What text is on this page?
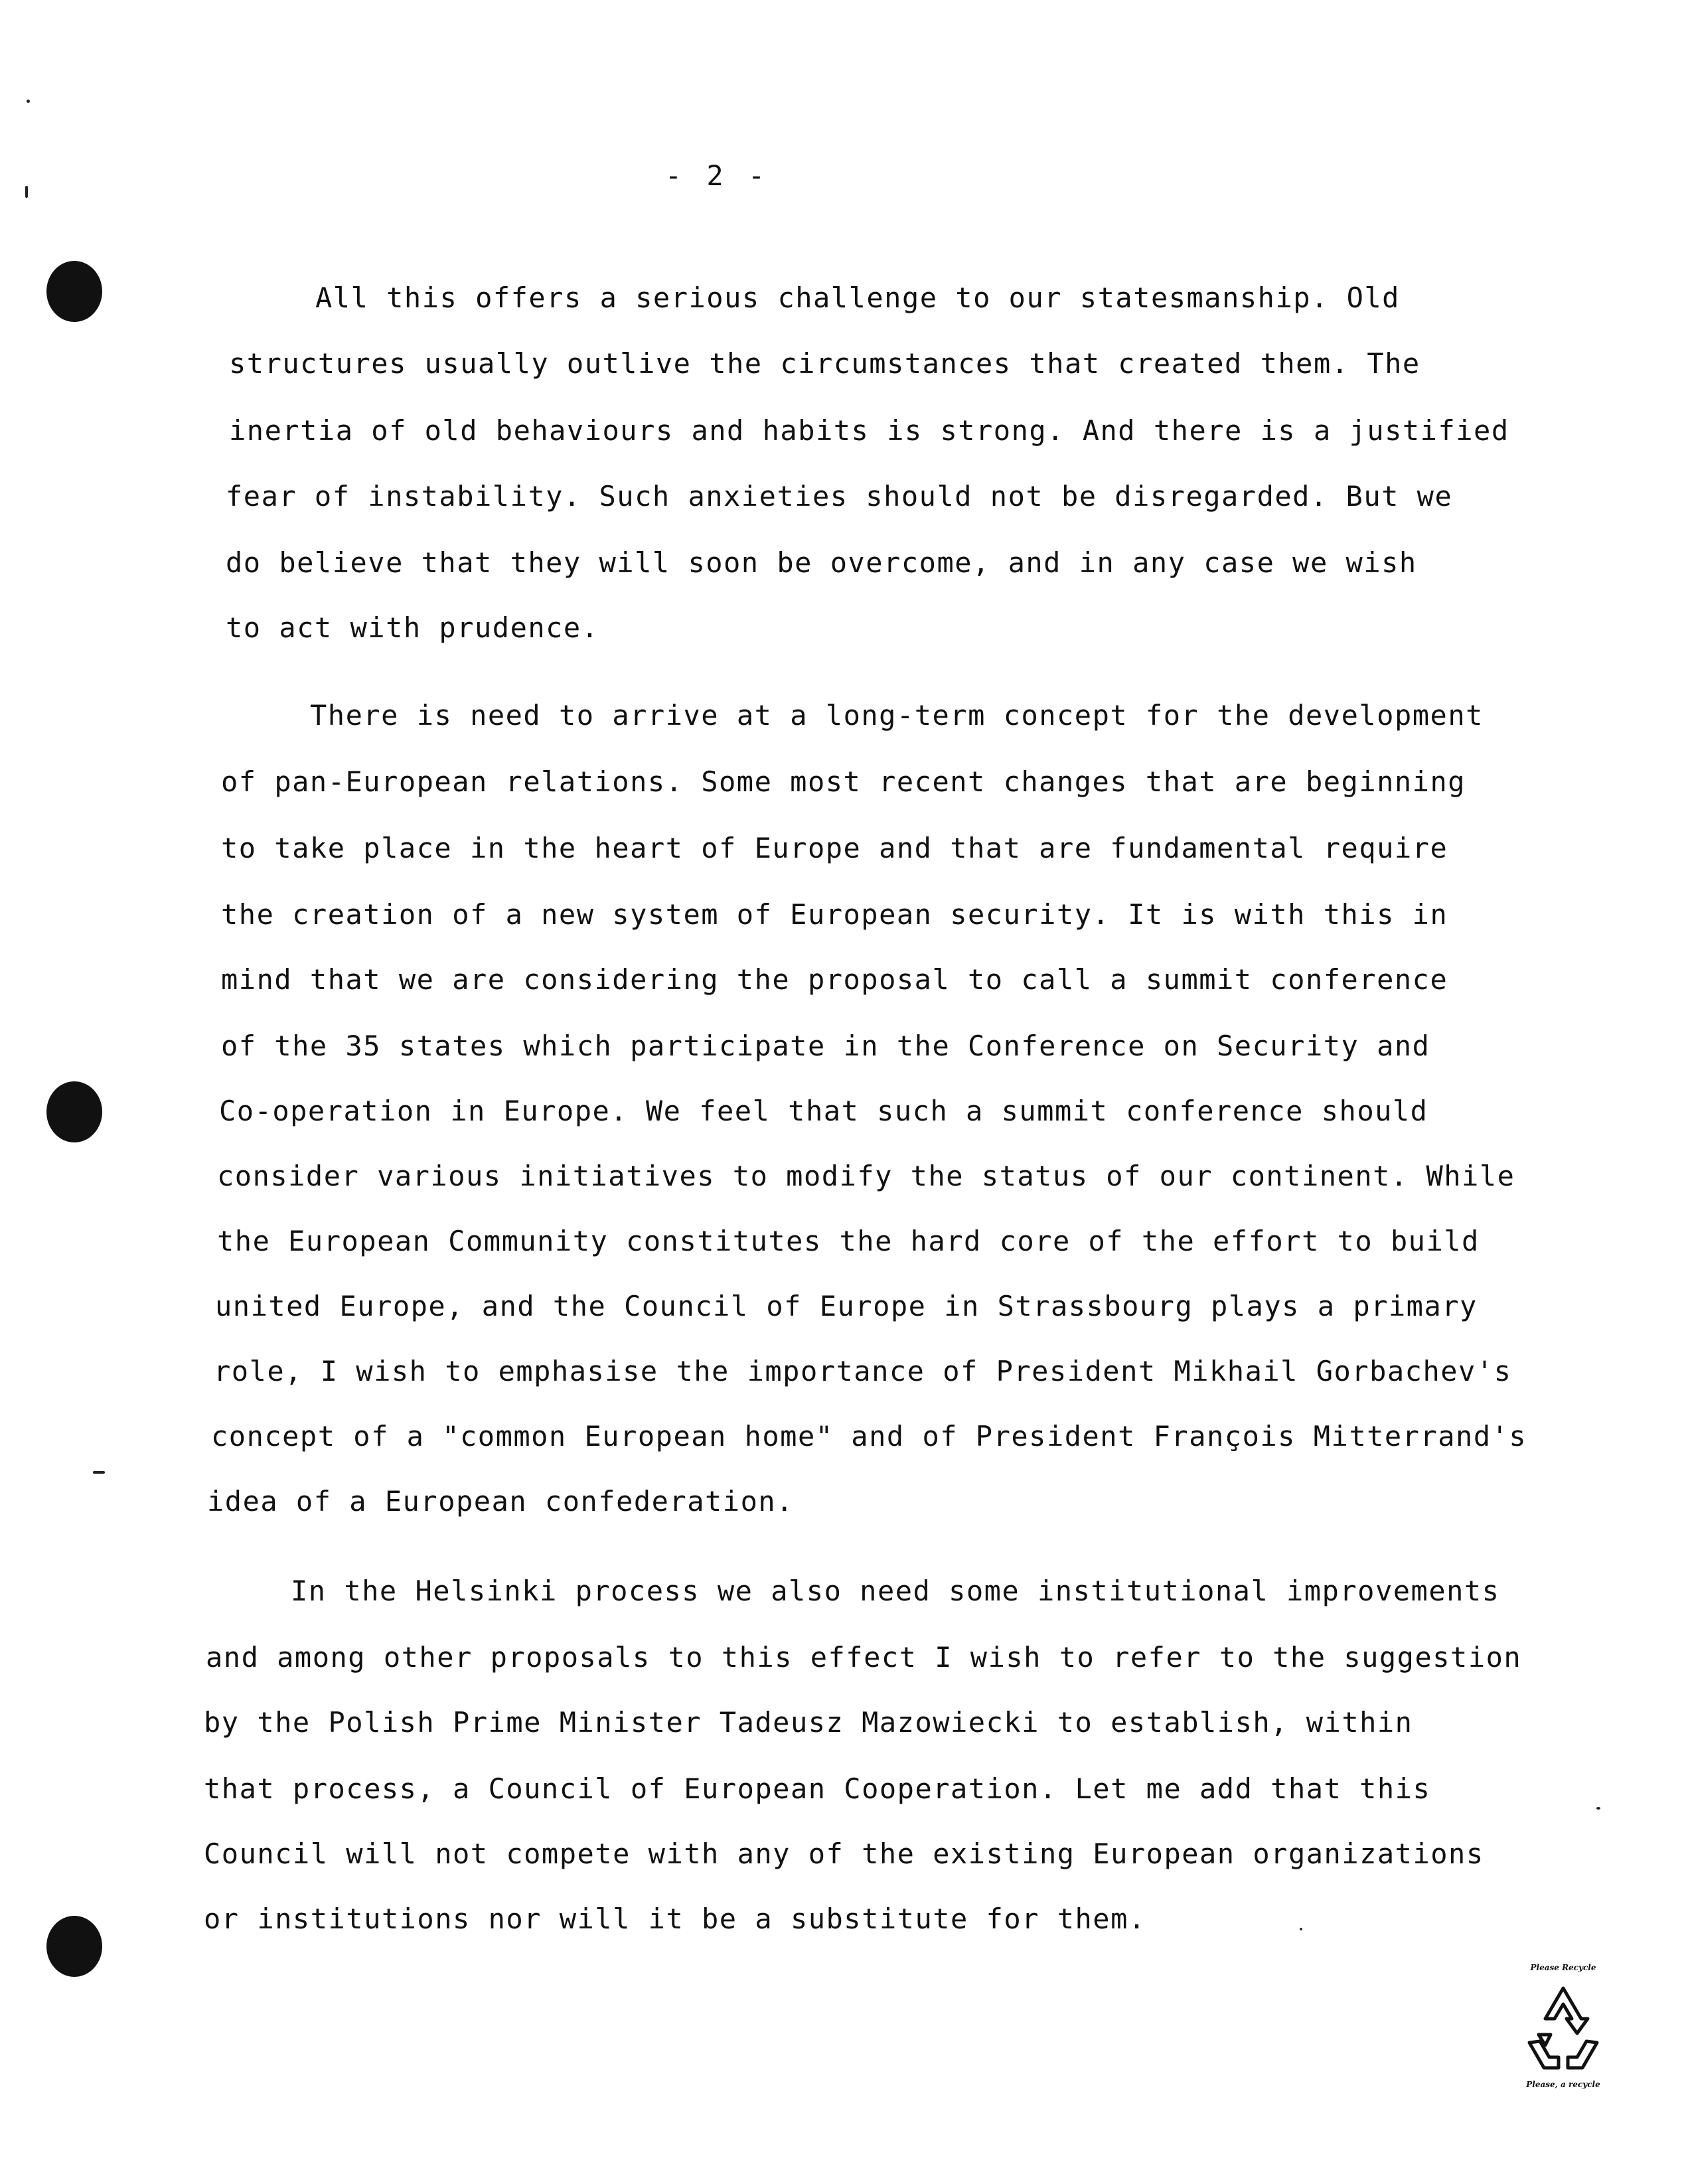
- 2 -
All this offers a serious challenge to our statesmanship. Old
structures usually outlive the circumstances that created them. The
inertia of old behaviours and habits is strong. And there is a justified
fear of instability. Such anxieties should not be disregarded. But we
do believe that they will soon be overcome, and in any case we wish
to act with prudence.
There is need to arrive at a long-term concept for the development
of pan-European relations. Some most recent changes that are beginning
to take place in the heart of Europe and that are fundamental require
the creation of a new system of European security. It is with this in
mind that we are considering the proposal to call a summit conference
of the 35 states which participate in the Conference on Security and
Co-operation in Europe. We feel that such a summit conference should
consider various initiatives to modify the status of our continent. While
the European Community constitutes the hard core of the effort to build
united Europe, and the Council of Europe in Strassbourg plays a primary
role, I wish to emphasise the importance of President Mikhail Gorbachev's
concept of a "common European home" and of President François Mitterrand's
idea of a European confederation.
In the Helsinki process we also need some institutional improvements
and among other proposals to this effect I wish to refer to the suggestion
by the Polish Prime Minister Tadeusz Mazowiecki to establish, within
that process, a Council of European Cooperation. Let me add that this
Council will not compete with any of the existing European organizations
or institutions nor will it be a substitute for them.
Please Recycle
Please, a recycle
